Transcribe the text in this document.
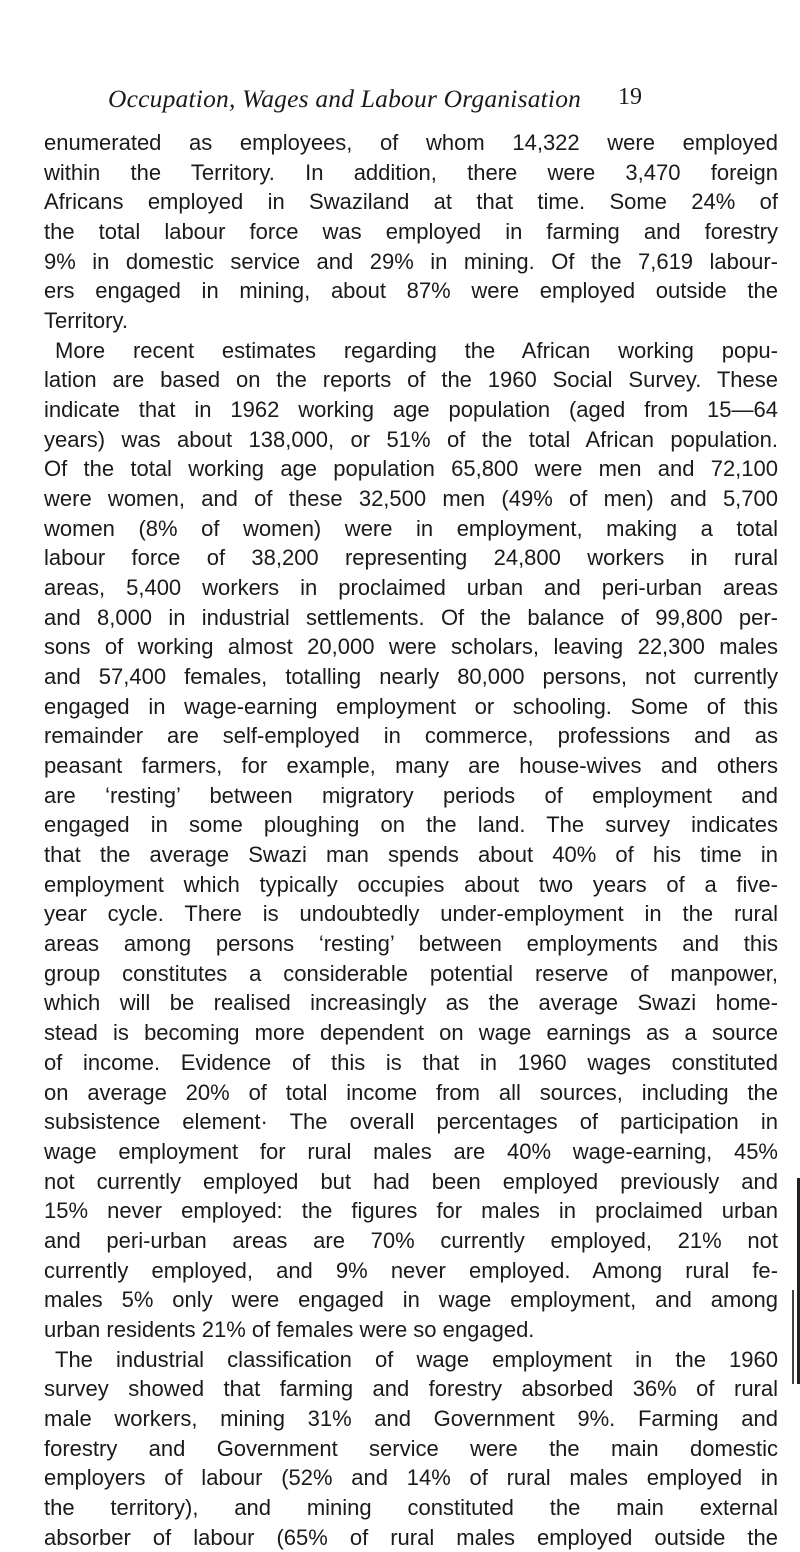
Occupation, Wages and Labour Organisation 19
enumerated as employees, of whom 14,322 were employed
within the Territory. In addition, there were 3,470 foreign
Africans employed in Swaziland at that time. Some 24% of
the total labour force was employed in farming and forestry
9% in domestic service and 29% in mining. Of the 7,619 labour-
ers engaged in mining, about 87% were employed outside the
Territory.
More recent estimates regarding the African working popu-
lation are based on the reports of the 1960 Social Survey. These
indicate that in 1962 working age population (aged from 15—64
years) was about 138,000, or 51% of the total African population.
Of the total working age population 65,800 were men and 72,100
were women, and of these 32,500 men (49% of men) and 5,700
women (8% of women) were in employment, making a total
labour force of 38,200 representing 24,800 workers in rural
areas, 5,400 workers in proclaimed urban and peri-urban areas
and 8,000 in industrial settlements. Of the balance of 99,800 per-
sons of working almost 20,000 were scholars, leaving 22,300 males
and 57,400 females, totalling nearly 80,000 persons, not currently
engaged in wage-earning employment or schooling. Some of this
remainder are self-employed in commerce, professions and as
peasant farmers, for example, many are house-wives and others
are ‘resting’ between migratory periods of employment and
engaged in some ploughing on the land. The survey indicates
that the average Swazi man spends about 40% of his time in
employment which typically occupies about two years of a five-
year cycle. There is undoubtedly under-employment in the rural
areas among persons ‘resting’ between employments and this
group constitutes a considerable potential reserve of manpower,
which will be realised increasingly as the average Swazi home-
stead is becoming more dependent on wage earnings as a source
of income. Evidence of this is that in 1960 wages constituted
on average 20% of total income from all sources, including the
subsistence element· The overall percentages of participation in
wage employment for rural males are 40% wage-earning, 45%
not currently employed but had been employed previously and
15% never employed: the figures for males in proclaimed urban
and peri-urban areas are 70% currently employed, 21% not
currently employed, and 9% never employed. Among rural fe-
males 5% only were engaged in wage employment, and among
urban residents 21% of females were so engaged.
The industrial classification of wage employment in the 1960
survey showed that farming and forestry absorbed 36% of rural
male workers, mining 31% and Government 9%. Farming and
forestry and Government service were the main domestic
employers of labour (52% and 14% of rural males employed in
the territory), and mining constituted the main external
absorber of labour (65% of rural males employed outside the
